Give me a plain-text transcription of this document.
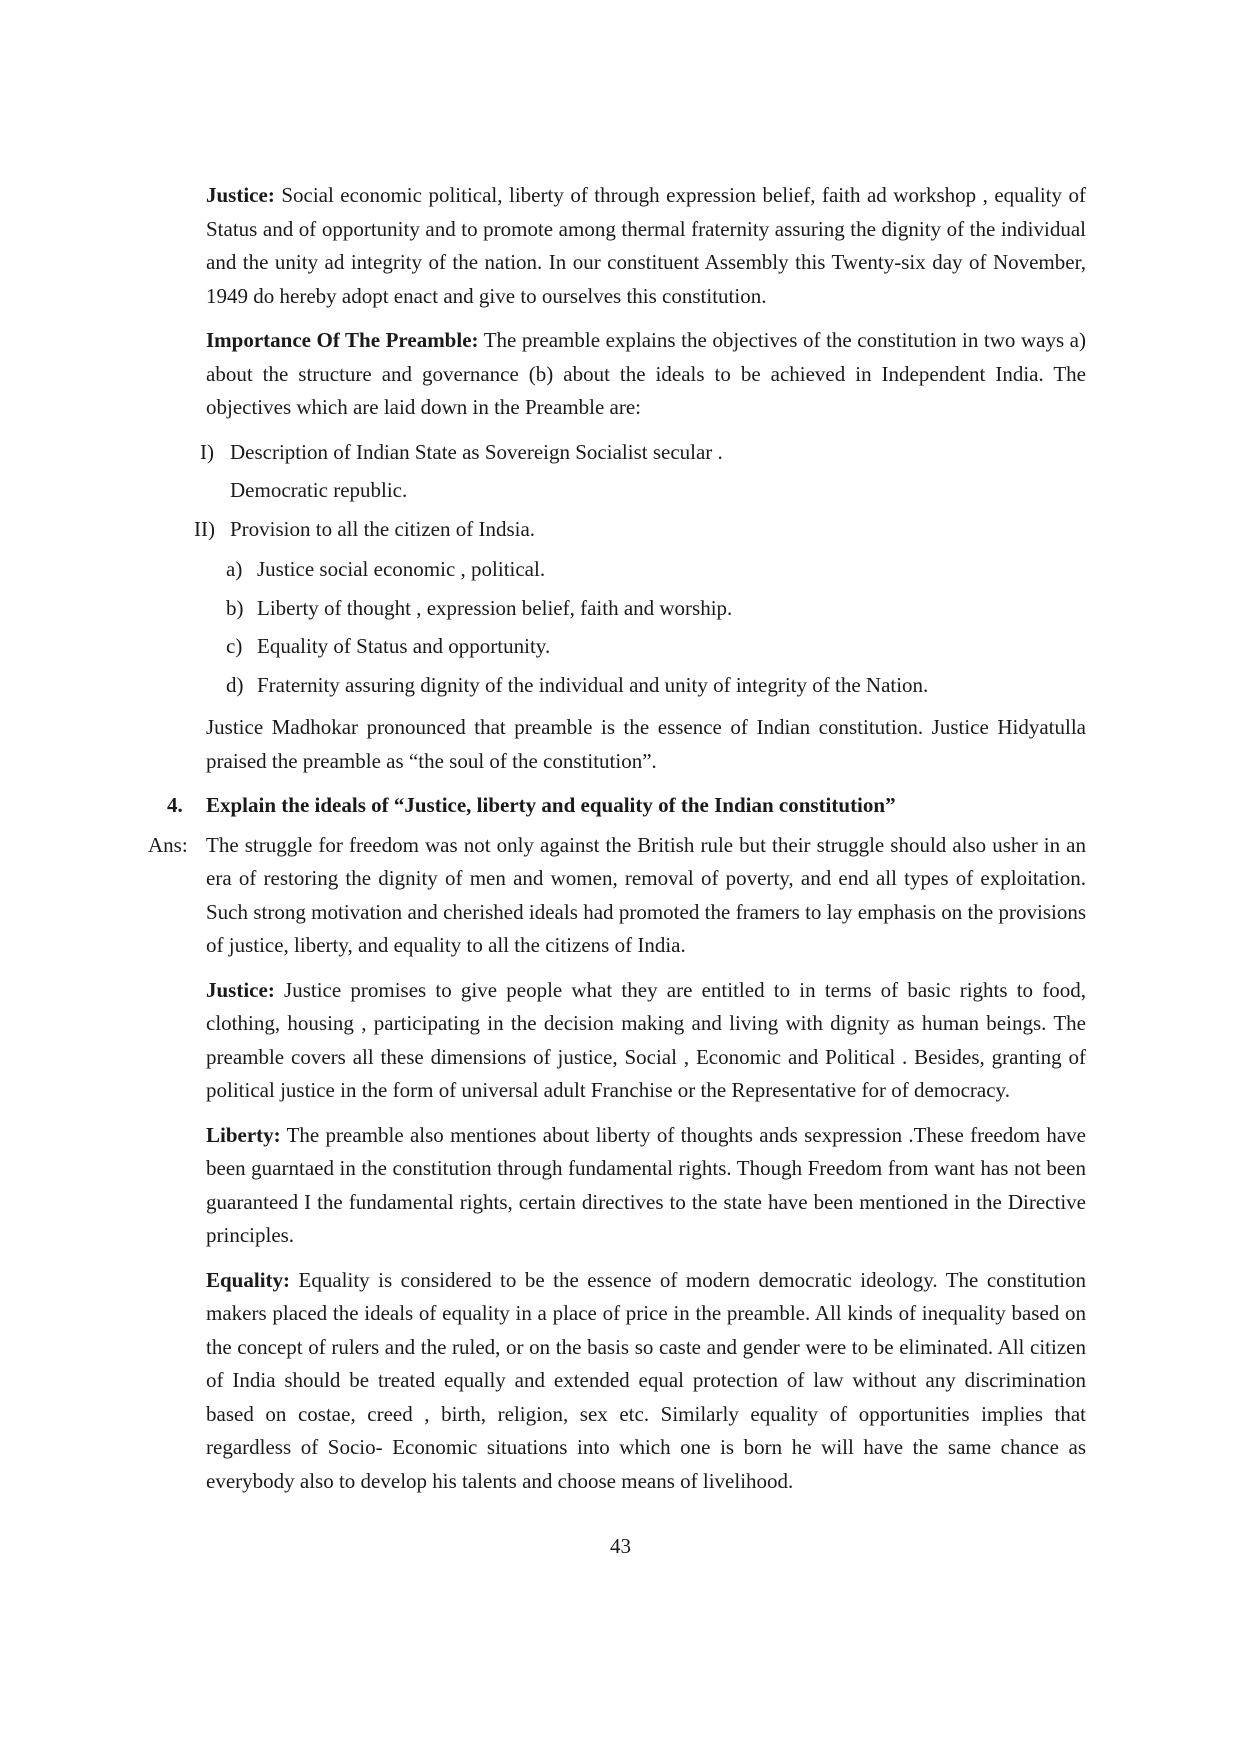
Justice: Social economic political, liberty of through expression belief, faith ad workshop , equality of Status and of opportunity and to promote among thermal fraternity assuring the dignity of the individual and the unity ad integrity of the nation. In our constituent Assembly this Twenty-six day of November, 1949 do hereby adopt enact and give to ourselves this constitution.

Importance Of The Preamble: The preamble explains the objectives of the constitution in two ways a) about the structure and governance (b) about the ideals to be achieved in Independent India. The objectives which are laid down in the Preamble are:

I) Description of Indian State as Sovereign Socialist secular .
Democratic republic.
II) Provision to all the citizen of Indsia.
a) Justice social economic , political.
b) Liberty of thought , expression belief, faith and worship.
c) Equality of Status and opportunity.
d) Fraternity assuring dignity of the individual and unity of integrity of the Nation.

Justice Madhokar pronounced that preamble is the essence of Indian constitution. Justice Hidyatulla praised the preamble as “the soul of the constitution”.

4. Explain the ideals of “Justice, liberty and equality of the Indian constitution”

Ans: The struggle for freedom was not only against the British rule but their struggle should also usher in an era of restoring the dignity of men and women, removal of poverty, and end all types of exploitation. Such strong motivation and cherished ideals had promoted the framers to lay emphasis on the provisions of justice, liberty, and equality to all the citizens of India.

Justice: Justice promises to give people what they are entitled to in terms of basic rights to food, clothing, housing , participating in the decision making and living with dignity as human beings. The preamble covers all these dimensions of justice, Social , Economic and Political . Besides, granting of political justice in the form of universal adult Franchise or the Representative for of democracy.

Liberty: The preamble also mentiones about liberty of thoughts ands sexpression .These freedom have been guarntaed in the constitution through fundamental rights. Though Freedom from want has not been guaranteed I the fundamental rights, certain directives to the state have been mentioned in the Directive principles.

Equality: Equality is considered to be the essence of modern democratic ideology. The constitution makers placed the ideals of equality in a place of price in the preamble. All kinds of inequality based on the concept of rulers and the ruled, or on the basis so caste and gender were to be eliminated. All citizen of India should be treated equally and extended equal protection of law without any discrimination based on costae, creed , birth, religion, sex etc. Similarly equality of opportunities implies that regardless of Socio- Economic situations into which one is born he will have the same chance as everybody also to develop his talents and choose means of livelihood.

43
